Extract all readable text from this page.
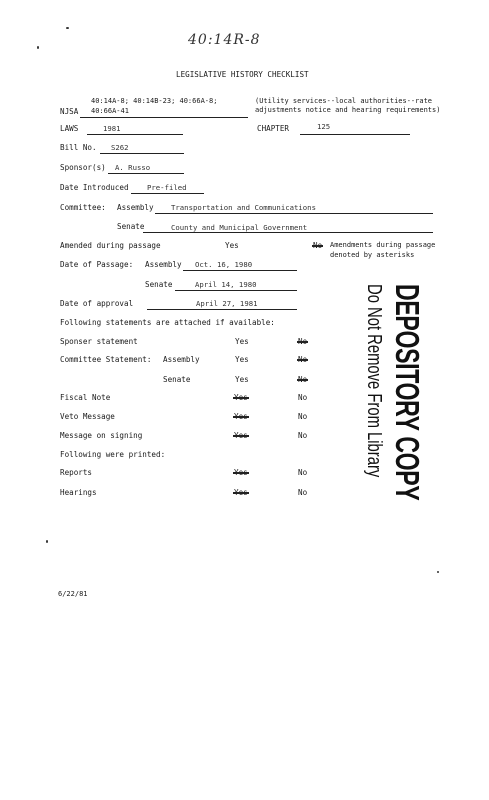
40:14R-8
LEGISLATIVE HISTORY CHECKLIST
40:14A-8; 40:14B-23; 40:66A-8;
NJSA 40:66A-41
(Utility services--local authorities--rate
adjustments notice and hearing requirements)
LAWS	1981	CHAPTER	125
Bill No. S262
Sponsor(s) A. Russo
Date Introduced	Pre-filed
Committee: Assembly Transportation and Communications
Senate	County and Municipal Government
Amended during passage	Yes	No Amendments during passage
denoted by asterisks
Date of Passage: Assembly Oct. 16, 1980
Senate	April 14, 1980
Date of approval	April 27, 1981
Following statements are attached if available:
Sponser statement	Yes	No
Committee Statement: Assembly	Yes	No
Senate	Yes	No
Fiscal Note	Yes	No
Veto Message	Yes	No
Message on signing	Yes	No
Following were printed:
Reports	Yes	No
Hearings	Yes	No DEPOSITORY COPY
Do Not Remove From Library
6/22/81
